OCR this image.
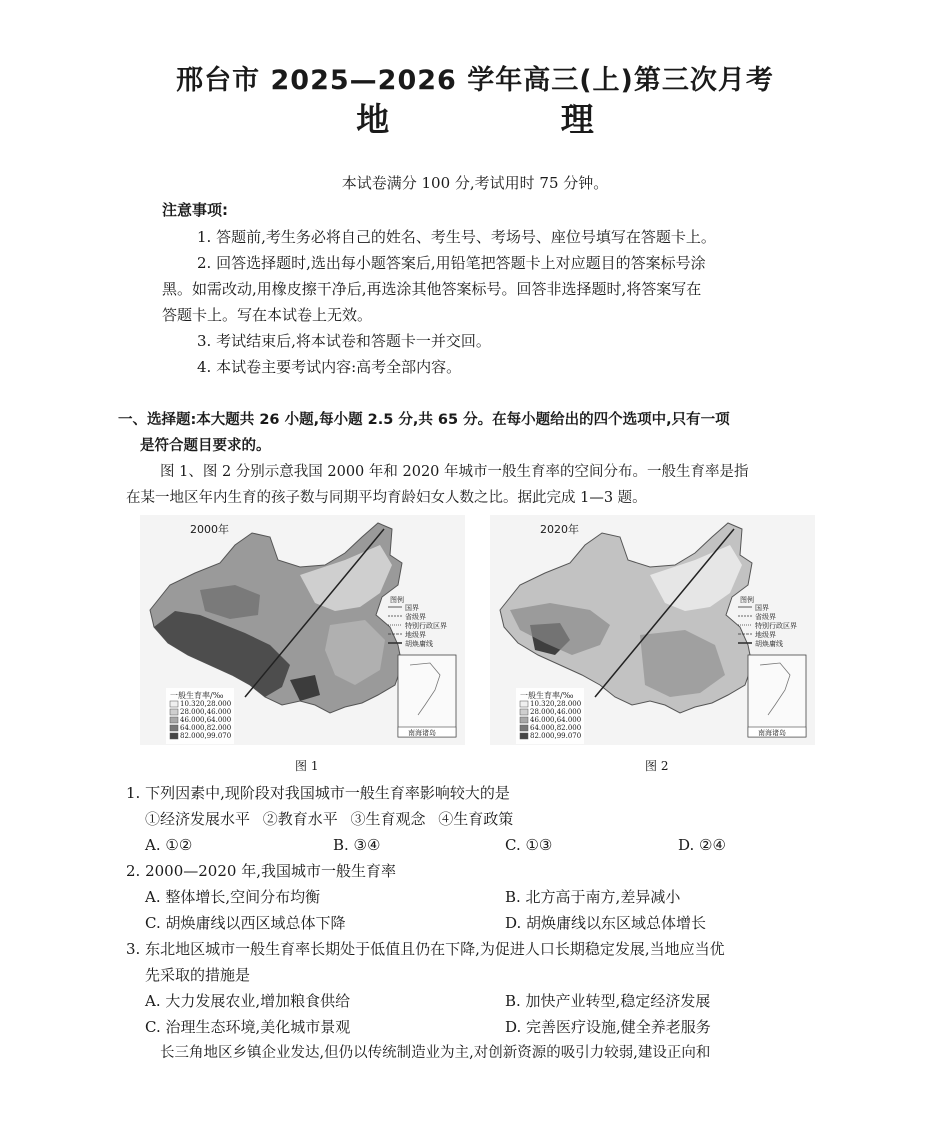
邢台市 2025—2026 学年高三(上)第三次月考
地 理
本试卷满分 100 分,考试用时 75 分钟。
注意事项:
1. 答题前,考生务必将自己的姓名、考生号、考场号、座位号填写在答题卡上。
2. 回答选择题时,选出每小题答案后,用铅笔把答题卡上对应题目的答案标号涂
黑。如需改动,用橡皮擦干净后,再选涂其他答案标号。回答非选择题时,将答案写在
答题卡上。写在本试卷上无效。
3. 考试结束后,将本试卷和答题卡一并交回。
4. 本试卷主要考试内容:高考全部内容。
一、选择题:本大题共 26 小题,每小题 2.5 分,共 65 分。在每小题给出的四个选项中,只有一项
是符合题目要求的。
图 1、图 2 分别示意我国 2000 年和 2020 年城市一般生育率的空间分布。一般生育率是指
在某一地区年内生育的孩子数与同期平均育龄妇女人数之比。据此完成 1—3 题。
2000年
一般生育率/‰
10.320,28.000
28.000,46.000
46.000,64.000
64.000,82.000
82.000,99.070
图例
国界
省级界
特别行政区界
地级界
胡焕庸线
南海诸岛
图 1
2020年
一般生育率/‰
10.320,28.000
28.000,46.000
46.000,64.000
64.000,82.000
82.000,99.070
图例
国界
省级界
特别行政区界
地级界
胡焕庸线
南海诸岛
图 2
1. 下列因素中,现阶段对我国城市一般生育率影响较大的是
①经济发展水平 ②教育水平 ③生育观念 ④生育政策
A. ①②	B. ③④	C. ①③	D. ②④
2. 2000—2020 年,我国城市一般生育率
A. 整体增长,空间分布均衡	B. 北方高于南方,差异减小
C. 胡焕庸线以西区域总体下降	D. 胡焕庸线以东区域总体增长
3. 东北地区城市一般生育率长期处于低值且仍在下降,为促进人口长期稳定发展,当地应当优
先采取的措施是
A. 大力发展农业,增加粮食供给	B. 加快产业转型,稳定经济发展
C. 治理生态环境,美化城市景观	D. 完善医疗设施,健全养老服务
长三角地区乡镇企业发达,但仍以传统制造业为主,对创新资源的吸引力较弱,建设正向和
